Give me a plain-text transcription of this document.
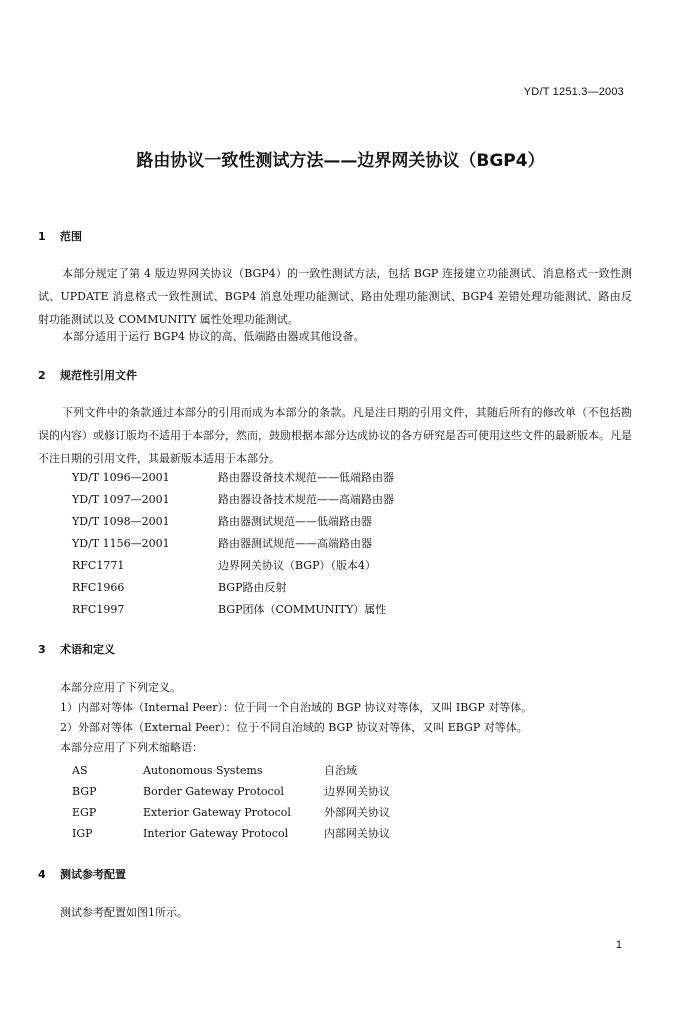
YD/T 1251.3—2003
路由协议一致性测试方法——边界网关协议（BGP4）
1 范围
本部分规定了第 4 版边界网关协议（BGP4）的一致性测试方法，包括 BGP 连接建立功能测试、消息格式一致性测试、UPDATE 消息格式一致性测试、BGP4 消息处理功能测试、路由处理功能测试、BGP4 差错处理功能测试、路由反射功能测试以及 COMMUNITY 属性处理功能测试。
本部分适用于运行 BGP4 协议的高、低端路由器或其他设备。
2 规范性引用文件
下列文件中的条款通过本部分的引用而成为本部分的条款。凡是注日期的引用文件，其随后所有的修改单（不包括勘误的内容）或修订版均不适用于本部分，然而，鼓励根据本部分达成协议的各方研究是否可使用这些文件的最新版本。凡是不注日期的引用文件，其最新版本适用于本部分。
YD/T 1096—2001	路由器设备技术规范——低端路由器
YD/T 1097—2001	路由器设备技术规范——高端路由器
YD/T 1098—2001	路由器测试规范——低端路由器
YD/T 1156—2001	路由器测试规范——高端路由器
RFC1771	边界网关协议（BGP）（版本4）
RFC1966	BGP路由反射
RFC1997	BGP团体（COMMUNITY）属性
3 术语和定义
本部分应用了下列定义。
1）内部对等体（Internal Peer）：位于同一个自治域的 BGP 协议对等体，又叫 IBGP 对等体。
2）外部对等体（External Peer）：位于不同自治域的 BGP 协议对等体，又叫 EBGP 对等体。
本部分应用了下列术缩略语：
AS	Autonomous Systems	自治域
BGP	Border Gateway Protocol	边界网关协议
EGP	Exterior Gateway Protocol	外部网关协议
IGP	Interior Gateway Protocol	内部网关协议
4 测试参考配置
测试参考配置如图1所示。
1
